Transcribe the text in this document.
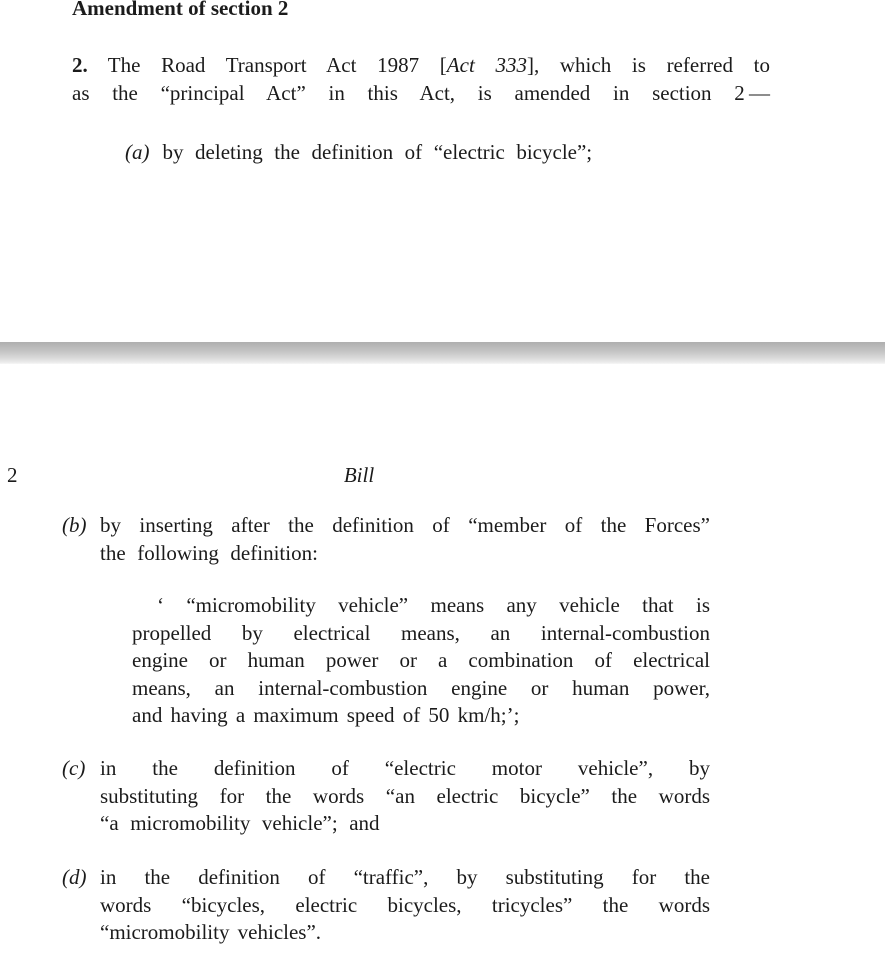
Amendment of section 2
2. The Road Transport Act 1987 [Act 333], which is referred to
as the “principal Act” in this Act, is amended in section 2 —
(a) by deleting the definition of “electric bicycle”;
2	Bill
(b) by inserting after the definition of “member of the Forces”
the following definition:
‘ “micromobility vehicle” means any vehicle that is
propelled by electrical means, an internal-combustion
engine or human power or a combination of electrical
means, an internal-combustion engine or human power,
and having a maximum speed of 50 km/h;’;
(c) in the definition of “electric motor vehicle”, by
substituting for the words “an electric bicycle” the words
“a micromobility vehicle”; and
(d) in the definition of “traffic”, by substituting for the
words “bicycles, electric bicycles, tricycles” the words
“micromobility vehicles”.
